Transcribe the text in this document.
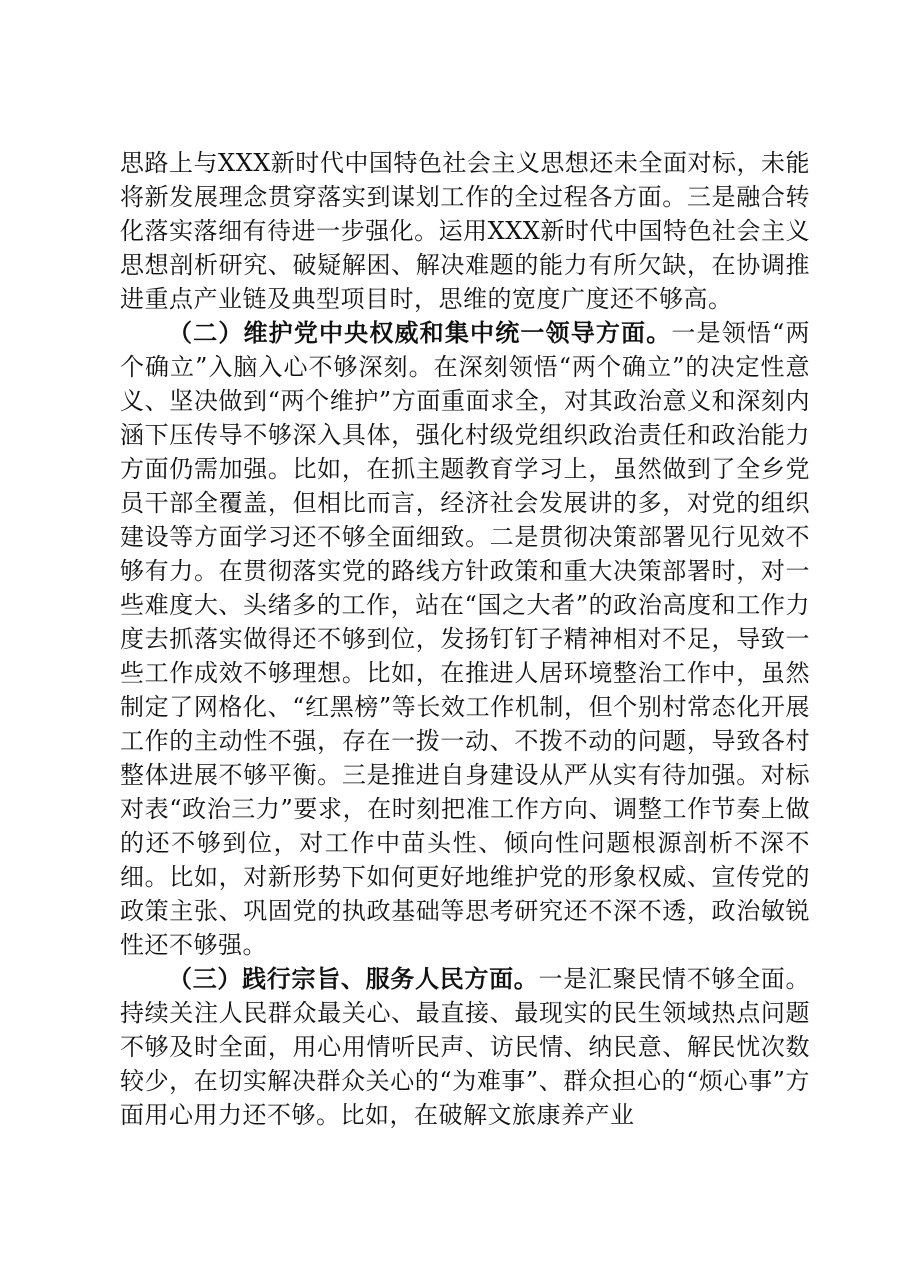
思路上与XXX新时代中国特色社会主义思想还未全面对标，未能将新发展理念贯穿落实到谋划工作的全过程各方面。三是融合转化落实落细有待进一步强化。运用XXX新时代中国特色社会主义思想剖析研究、破疑解困、解决难题的能力有所欠缺，在协调推进重点产业链及典型项目时，思维的宽度广度还不够高。

（二）维护党中央权威和集中统一领导方面。一是领悟“两个确立”入脑入心不够深刻。在深刻领悟“两个确立”的决定性意义、坚决做到“两个维护”方面重面求全，对其政治意义和深刻内涵下压传导不够深入具体，强化村级党组织政治责任和政治能力方面仍需加强。比如，在抓主题教育学习上，虽然做到了全乡党员干部全覆盖，但相比而言，经济社会发展讲的多，对党的组织建设等方面学习还不够全面细致。二是贯彻决策部署见行见效不够有力。在贯彻落实党的路线方针政策和重大决策部署时，对一些难度大、头绪多的工作，站在“国之大者”的政治高度和工作力度去抓落实做得还不够到位，发扬钉钉子精神相对不足，导致一些工作成效不够理想。比如，在推进人居环境整治工作中，虽然制定了网格化、“红黑榜”等长效工作机制，但个别村常态化开展工作的主动性不强，存在一拨一动、不拨不动的问题，导致各村整体进展不够平衡。三是推进自身建设从严从实有待加强。对标对表“政治三力”要求，在时刻把准工作方向、调整工作节奏上做的还不够到位，对工作中苗头性、倾向性问题根源剖析不深不细。比如，对新形势下如何更好地维护党的形象权威、宣传党的政策主张、巩固党的执政基础等思考研究还不深不透，政治敏锐性还不够强。

（三）践行宗旨、服务人民方面。一是汇聚民情不够全面。持续关注人民群众最关心、最直接、最现实的民生领域热点问题不够及时全面，用心用情听民声、访民情、纳民意、解民忧次数较少，在切实解决群众关心的“为难事”、群众担心的“烦心事”方面用心用力还不够。比如，在破解文旅康养产业
